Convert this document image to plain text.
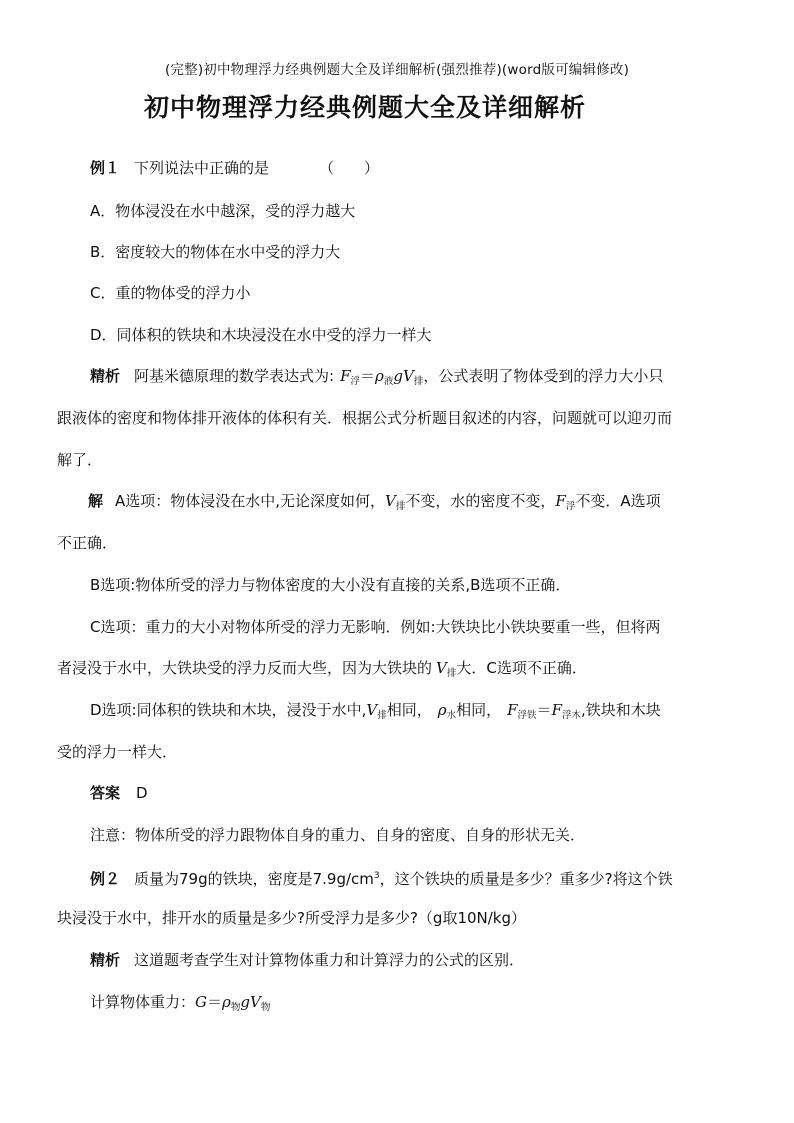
(完整)初中物理浮力经典例题大全及详细解析(强烈推荐)(word版可编辑修改)
初中物理浮力经典例题大全及详细解析
例１ 下列说法中正确的是	（　　）
A．物体浸没在水中越深，受的浮力越大
B．密度较大的物体在水中受的浮力大
C．重的物体受的浮力小
D．同体积的铁块和木块浸没在水中受的浮力一样大
精析 阿基米德原理的数学表达式为: $F_浮=\rho_液gV_排$，公式表明了物体受到的浮力大小只
跟液体的密度和物体排开液体的体积有关．根据公式分析题目叙述的内容，问题就可以迎刃而
解了．
解 A选项：物体浸没在水中,无论深度如何，$V_排$不变，水的密度不变，$F_浮$不变．A选项
不正确．
B选项:物体所受的浮力与物体密度的大小没有直接的关系,B选项不正确．
C选项：重力的大小对物体所受的浮力无影响．例如:大铁块比小铁块要重一些，但将两
者浸没于水中，大铁块受的浮力反而大些，因为大铁块的 $V_排$大．C选项不正确．
D选项:同体积的铁块和木块，浸没于水中$,V_排$相同， $\rho_水$相同， $F_{浮铁}=F_{浮木}$,铁块和木块
受的浮力一样大．
答案 D
注意：物体所受的浮力跟物体自身的重力、自身的密度、自身的形状无关．
例２ 质量为79g的铁块，密度是$7.9g/cm^3$，这个铁块的质量是多少？重多少?将这个铁
块浸没于水中，排开水的质量是多少?所受浮力是多少?（g取10N/kg）
精析 这道题考查学生对计算物体重力和计算浮力的公式的区别．
计算物体重力：$G=\rho_物gV_物$
